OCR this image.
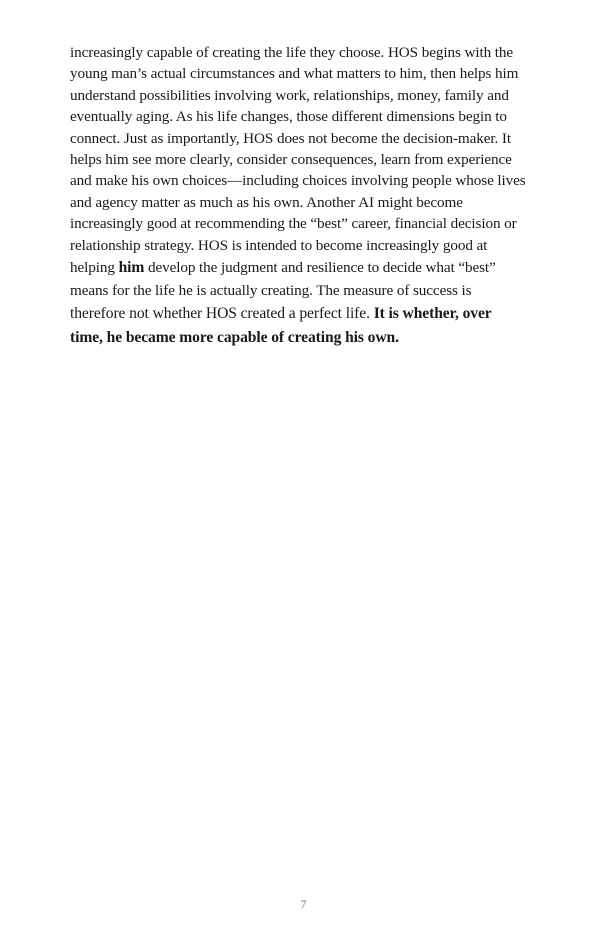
increasingly capable of creating the life they choose. HOS begins with the
young man’s actual circumstances and what matters to him, then helps him
understand possibilities involving work, relationships, money, family and
eventually aging. As his life changes, those different dimensions begin to
connect. Just as importantly, HOS does not become the decision-maker. It
helps him see more clearly, consider consequences, learn from experience
and make his own choices—including choices involving people whose lives
and agency matter as much as his own. Another AI might become
increasingly good at recommending the “best” career, financial decision or
relationship strategy. HOS is intended to become increasingly good at
helping him develop the judgment and resilience to decide what “best”
means for the life he is actually creating. The measure of success is
therefore not whether HOS created a perfect life. It is whether, over
time, he became more capable of creating his own.

7
